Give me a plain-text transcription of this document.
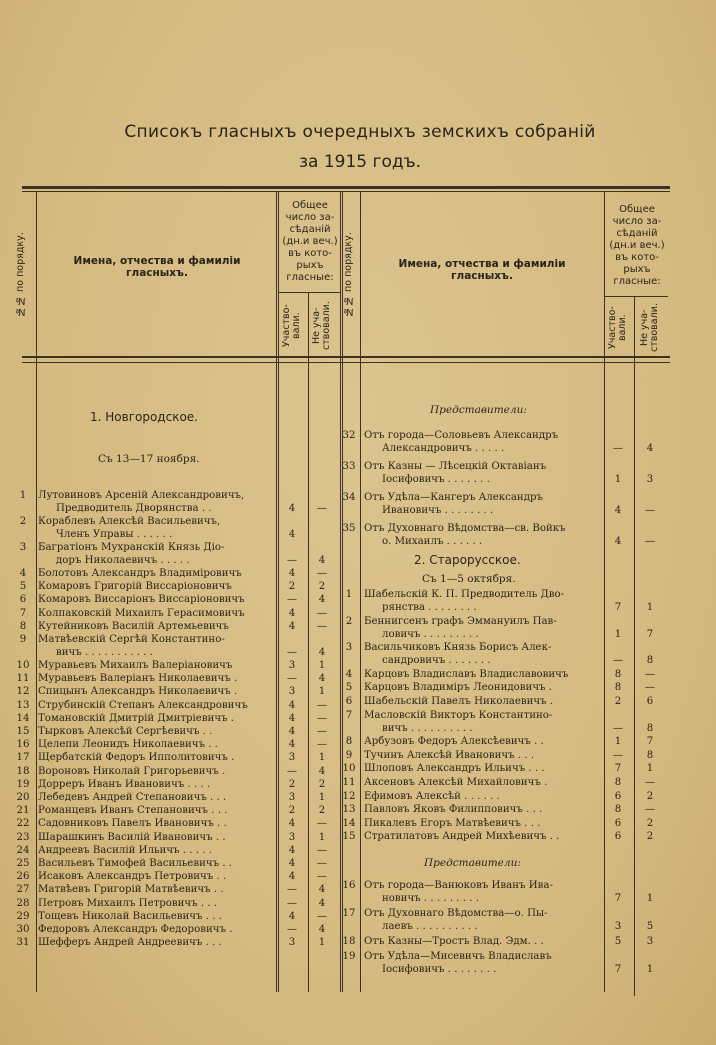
Списокъ гласныхъ очередныхъ земскихъ собраній
за 1915 годъ.
№№ по порядку.	Имена, отчества и фамиліи гласныхъ.
Общее число за-сѣданій (дн.и веч.) въ кото-рыхъ гласные:
Участво-вали. Не уча-ствовали.
№№ по порядку.	Имена, отчества и фамиліи гласныхъ.
Общее число за-сѣданій (дн.и веч.) въ кото-рыхъ гласные:
Участво-вали.	Не уча-ствовали.
1. Новгородское.
Съ 13—17 ноября.
1	Лутовиновъ Арсеній Александровичъ,
Предводитель Дворянства . .	4	—
2	Кораблевъ Алексѣй Васильевичъ,
Членъ Управы . . . . . .	4
3	Багратіонъ Мухранскій Князь Діо-
доръ Николаевичъ . . . . .	—	4
4	Болотовъ Александръ Владиміровичъ	4	—
5	Комаровъ Григорій Виссаріоновичъ	2	2
6	Комаровъ Виссаріонъ Виссаріоновичъ	—	4
7	Колпаковскій Михаилъ Герасимовичъ	4	—
8	Кутейниковъ Василій Артемьевичъ	4	—
9	Матвѣевскій Сергѣй Константино-
вичъ . . . . . . . . . . .	—	4
10 Муравьевъ Михаилъ Валеріановичъ	3	1
11 Муравьевъ Валеріанъ Николаевичъ .	—	4
12 Спицынъ Александръ Николаевичъ .	3	1
13 Струбинскій Степанъ Александровичъ	4	—
14 Томановскій Дмитрій Дмитріевичъ .	4	—
15 Тырковъ Алексѣй Сергѣевичъ . .	4	—
16 Целепи Леонидъ Николаевичъ . .	4	—
17 Щербатскій Федоръ Ипполитовичъ .	3	1
18 Вороновъ Николай Григорьевичъ .	—	4
19 Дорреръ Иванъ Ивановичъ . . . .	2	2
20 Лебедевъ Андрей Степановичъ . . .	3	1
21 Романцевъ Иванъ Степановичъ . . .	2	2
22 Садовниковъ Павелъ Ивановичъ . .	4	—
23 Шарашкинъ Василій Ивановичъ . .	3	1
24 Андреевъ Василій Ильичъ . . . . .	4	—
25 Васильевъ Тимофей Васильевичъ . .	4	—
26 Исаковъ Александръ Петровичъ . .	4	—
27 Матвѣевъ Григорій Матвѣевичъ . .	—	4
28 Петровъ Михаилъ Петровичъ . . .	—	4
29 Тощевъ Николай Васильевичъ . . .	4	—
30 Федоровъ Александръ Федоровичъ .	—	4
31 Шефферъ Андрей Андреевичъ . . .	3	1
Представители:
32 Отъ города—Соловьевъ Александръ
Александровичъ . . . . .	—	4
33 Отъ Казны — Лѣсецкій Октавіанъ
Іосифовичъ . . . . . . .	1	3
34 Отъ Удѣла—Кангеръ Александръ
Ивановичъ . . . . . . . .	4	—
35 Отъ Духовнаго Вѣдомства—св. Войкъ
о. Михаилъ . . . . . .	4	—
2. Старорусское.
Съ 1—5 октября.
1	Шабельскій К. П. Предводитель Дво-
рянства . . . . . . . .	7	1
2	Беннигсенъ графъ Эммануилъ Пав-
ловичъ . . . . . . . . .	1	7
3	Васильчиковъ Князь Борисъ Алек-
сандровичъ . . . . . . .	—	8
4	Карцовъ Владиславъ Владиславовичъ	8	—
5	Карцовъ Владиміръ Леонидовичъ .	8	—
6	Шабельскій Павелъ Николаевичъ .	2	6
7	Масловскій Викторъ Константино-
вичъ . . . . . . . . . .	—	8
8	Арбузовъ Федоръ Алексѣевичъ . .	1	7
9	Тучинъ Алексѣй Ивановичъ . . .	—	8
10 Шлоповъ Александръ Ильичъ . . .	7	1
11 Аксеновъ Алексѣй Михайловичъ .	8	—
12 Ефимовъ Алексѣй . . . . . .	6	2
13 Павловъ Яковъ Филипповичъ . . .	8	—
14 Пикалевъ Егоръ Матвѣевичъ . . .	6	2
15 Стратилатовъ Андрей Михѣевичъ . .	6	2
Представители:
16 Отъ города—Ванюковъ Иванъ Ива-
новичъ . . . . . . . . .	7	1
17 Отъ Духовнаго Вѣдомства—о. Пы-
лаевъ . . . . . . . . . .	3	5
18 Отъ Казны—Тростъ Влад. Эдм. . .	5	3
19 Отъ Удѣла—Мисевичъ Владиславъ
Іосифовичъ . . . . . . . .	7	1
